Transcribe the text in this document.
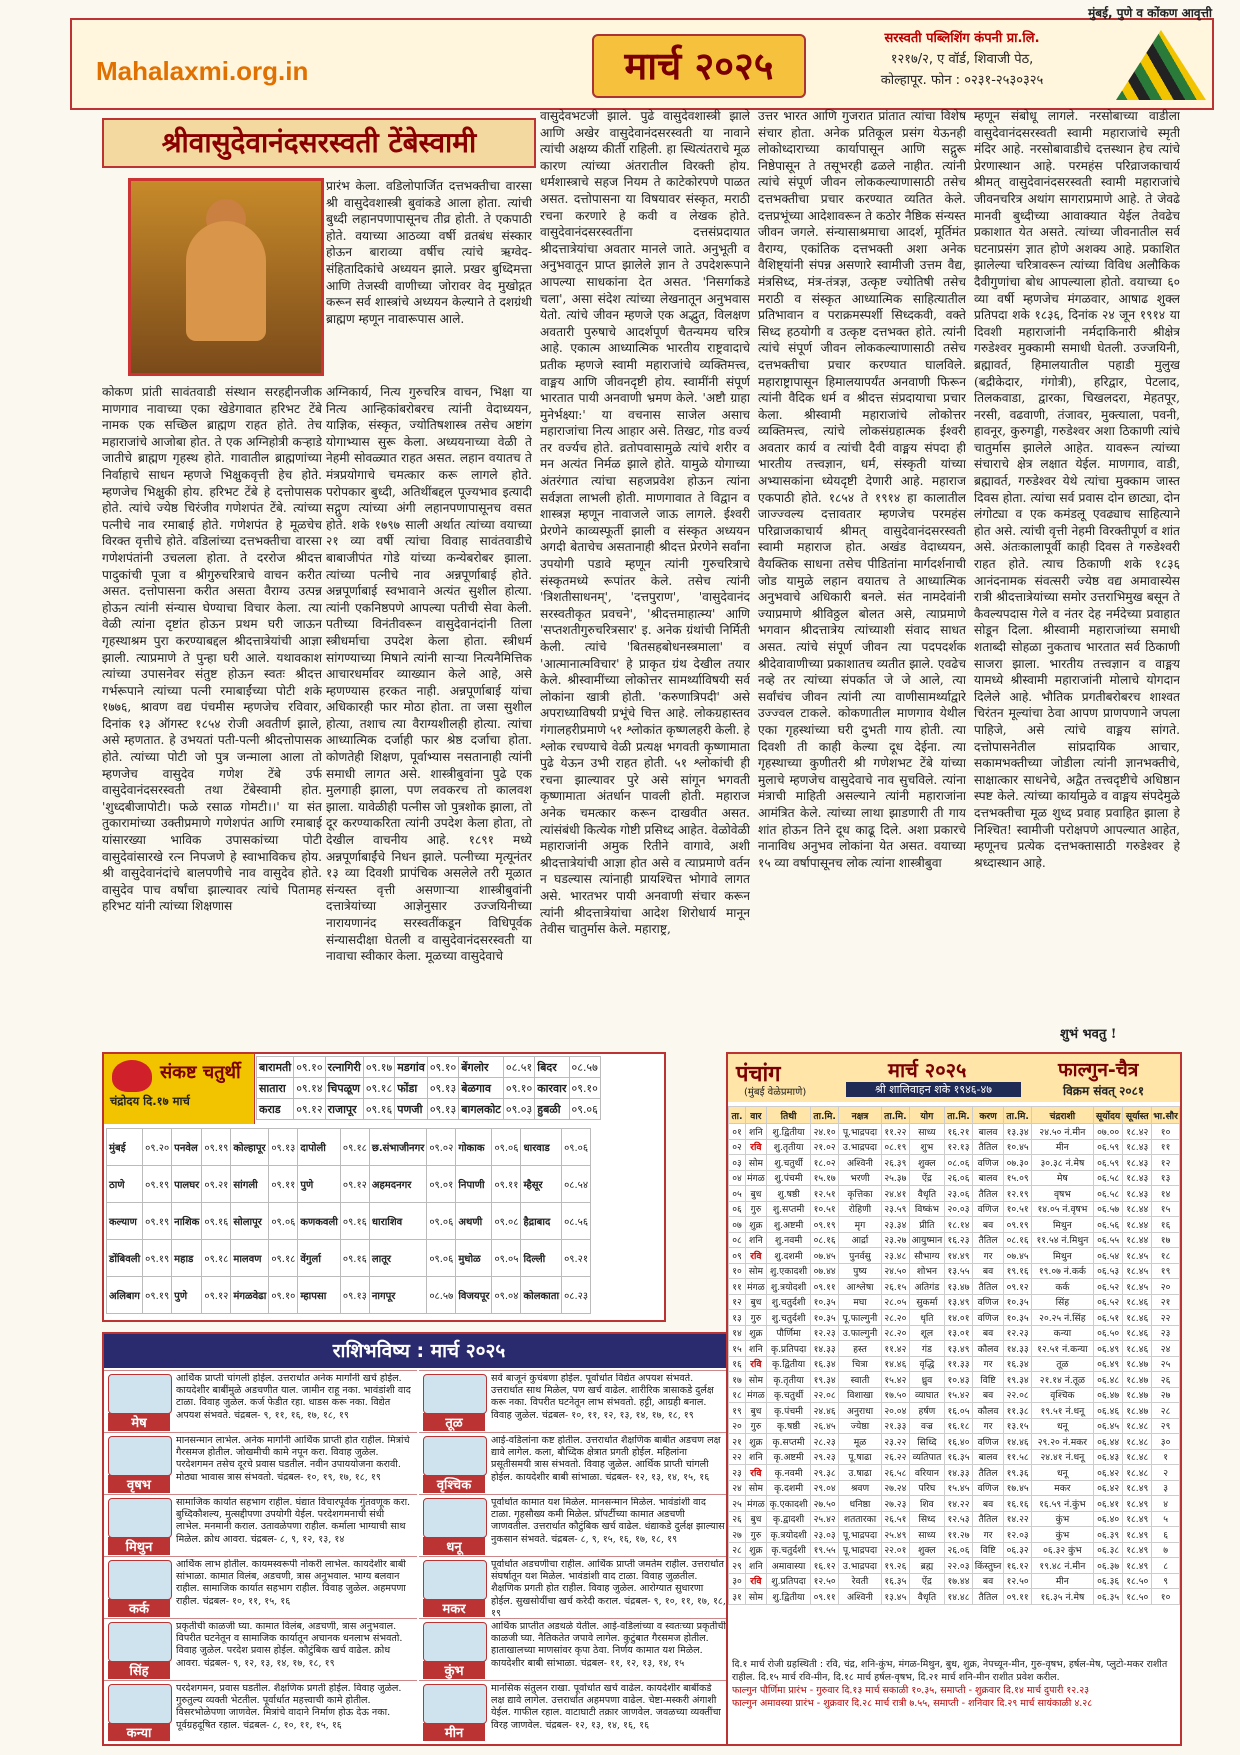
मुंबई, पुणे व कोंकण आवृत्ती
Mahalaxmi.org.in	मार्च २०२५
सरस्वती पब्लिशिंग कंपनी प्रा.लि.
१२१७/२, ए वॉर्ड, शिवाजी पेठ,
कोल्हापूर. फोन : ०२३१-२५३०३२५
श्रीवासुदेवानंदसरस्वती टेंबेस्वामी
प्रारंभ केला. वडिलोपार्जित दत्तभक्तीचा वारसा श्री वासुदेवशास्त्री बुवांकडे आला होता. त्यांची बुध्दी लहानपणापासूनच तीव्र होती. ते एकपाठी होते. वयाच्या आठव्या वर्षी व्रतबंध संस्कार होऊन बाराव्या वर्षीच त्यांचे ऋग्वेद-संहितादिकांचे अध्ययन झाले. प्रखर बुध्दिमत्ता आणि तेजस्वी वाणीच्या जोरावर वेद मुखोद्गत करून सर्व शास्त्रांचे अध्ययन केल्याने ते दशग्रंथी ब्राह्मण म्हणून नावारूपास आले.
कोकण प्रांती सावंतवाडी संस्थान सरहद्दीनजीक माणगाव नावाच्या एका खेडेगावात हरिभट टेंबे नामक एक सच्छिल ब्राह्मण राहत होते. तेच महाराजांचे आजोबा होत. ते एक अग्निहोत्री कऱ्हाडे जातीचे ब्राह्मण गृहस्थ होते. गावातील ब्राह्मणांच्या निर्वाहाचे साधन म्हणजे भिक्षुकवृत्ती हेच होते. म्हणजेच भिक्षुकी होय. हरिभट टेंबे हे दत्तोपासक होते. त्यांचे ज्येष्ठ चिरंजीव गणेशपंत टेंबे. त्यांच्या पत्नीचे नाव रमाबाई होते. गणेशपंत हे मूळचेच विरक्त वृत्तीचे होते. वडिलांच्या दत्तभक्तीचा वारसा गणेशपंतांनी उचलला होता. ते दररोज श्रीदत्त पादुकांची पूजा व श्रीगुरुचरित्राचे वाचन करीत असत. दत्तोपासना करीत असता वैराग्य उत्पन्न होऊन त्यांनी संन्यास घेण्याचा विचार केला. त्या वेळी त्यांना दृष्टांत होऊन प्रथम घरी जाऊन गृहस्थाश्रम पुरा करण्याबद्दल श्रीदत्तात्रेयांची आज्ञा झाली. त्याप्रमाणे ते पुन्हा घरी आले. यथावकाश त्यांच्या उपासनेवर संतुष्ट होऊन स्वतः श्रीदत्त गर्भरूपाने त्यांच्या पत्नी रमाबाईंच्या पोटी शके १७७६, श्रावण वद्य पंचमीस म्हणजेच रविवार, दिनांक १३ ऑगस्ट १८५४ रोजी अवतीर्ण झाले, असे म्हणतात. हे उभयतां पती-पत्नी श्रीदत्तोपासक होते. त्यांच्या पोटी जो पुत्र जन्माला आला तो म्हणजेच वासुदेव गणेश टेंबे उर्फ वासुदेवानंदसरस्वती तथा टेंबेस्वामी होत. 'शुध्दबीजापोटी। फळे रसाळ गोमटी।।' या संत तुकारामांच्या उक्तीप्रमाणे गणेशपंत आणि रमाबाई यांसारख्या भाविक उपासकांच्या पोटी वासुदेवांसारखे रत्न निपजणे हे स्वाभाविकच होय. श्री वासुदेवानंदांचे बालपणीचे नाव वासुदेव होते. वासुदेव पाच वर्षांचा झाल्यावर त्यांचे पितामह हरिभट यांनी त्यांच्या शिक्षणास
अग्निकार्य, नित्य गुरुचरित्र वाचन, भिक्षा या नित्य आन्हिकांबरोबरच त्यांनी वेदाध्ययन, याज्ञिक, संस्कृत, ज्योतिषशास्त्र तसेच अष्टांग योगाभ्यास सुरू केला. अध्ययनाच्या वेळी ते नेहमी सोवळ्यात राहत असत. लहान वयातच ते मंत्रप्रयोगाचे चमत्कार करू लागले होते. परोपकार बुध्दी, अतिथींबद्दल पूज्यभाव इत्यादी सद्गुण त्यांच्या अंगी लहानपणापासूनच वसत होते. शके १७९७ साली अर्थात त्यांच्या वयाच्या २१ व्या वर्षी त्यांचा विवाह सावंतवाडीचे बाबाजीपंत गोडे यांच्या कन्येबरोबर झाला. त्यांच्या पत्नीचे नाव अन्नपूर्णाबाई होते. अन्नपूर्णाबाई स्वभावाने अत्यंत सुशील होत्या. त्यांनी एकनिष्ठपणे आपल्या पतीची सेवा केली. पतीच्या विनंतीवरून वासुदेवानंदांनी तिला स्त्रीधर्माचा उपदेश केला होता. स्त्रीधर्म सांगण्याच्या मिषाने त्यांनी साऱ्या नित्यनैमित्तिक आचारधर्मावर व्याख्यान केले आहे, असे म्हणण्यास हरकत नाही. अन्नपूर्णाबाई यांचा अधिकारही फार मोठा होता. ता जसा सुशील होत्या, तशाच त्या वैराग्यशीलही होत्या. त्यांचा आध्यात्मिक दर्जाही फार श्रेष्ठ दर्जाचा होता. कोणतेही शिक्षण, पूर्वाभ्यास नसतानाही त्यांनी समाधी लागत असे. शास्त्रीबुवांना पुढे एक मुलगाही झाला, पण लवकरच तो कालवश झाला. यावेळीही पत्नीस जो पुत्रशोक झाला, तो दूर करण्याकरिता त्यांनी उपदेश केला होता, तो देखील वाचनीय आहे. १८९१ मध्ये अन्नपूर्णाबाईंचे निधन झाले. पत्नीच्या मृत्यूनंतर १३ व्या दिवशी प्रापंचिक असलेले तरी मूळात संन्यस्त वृत्ती असणाऱ्या शास्त्रीबुवांनी दत्तात्रेयांच्या आज्ञेनुसार उज्जयिनीच्या नारायणानंद सरस्वतींकडून विधिपूर्वक संन्यासदीक्षा घेतली व वासुदेवानंदसरस्वती या नावाचा स्वीकार केला. मूळच्या वासुदेवाचे
वासुदेवभटजी झाले. पुढे वासुदेवशास्त्री झाले आणि अखेर वासुदेवानंदसरस्वती या नावाने त्यांची अक्षय्य कीर्ती राहिली. हा स्थित्यंतराचे मूळ कारण त्यांच्या अंतरातील विरक्ती होय. धर्मशास्त्राचे सहज नियम ते काटेकोरपणे पाळत असत. दत्तोपासना या विषयावर संस्कृत, मराठी रचना करणारे हे कवी व लेखक होते. वासुदेवानंदसरस्वतींना दत्तसंप्रदायात श्रीदत्तात्रेयांचा अवतार मानले जाते. अनुभूती व अनुभवातून प्राप्त झालेले ज्ञान ते उपदेशरूपाने आपल्या साधकांना देत असत. 'निसर्गाकडे चला', असा संदेश त्यांच्या लेखनातून अनुभवास येतो. त्यांचे जीवन म्हणजे एक अद्भुत, विलक्षण अवतारी पुरुषाचे आदर्शपूर्ण चैतन्यमय चरित्र आहे. एकात्म आध्यात्मिक भारतीय राष्ट्रवादाचे प्रतीक म्हणजे स्वामी महाराजांचे व्यक्तिमत्त्व, वाङ्मय आणि जीवनदृष्टी होय. स्वामींनी संपूर्ण भारतात पायी अनवाणी भ्रमण केले. 'अष्टौ ग्राहा मुनेर्भक्ष्या:' या वचनास साजेल असाच महाराजांचा नित्य आहार असे. तिखट, गोड वर्ज्य तर वर्ज्यच होते. व्रतोपवासामुळे त्यांचे शरीर व मन अत्यंत निर्मळ झाले होते. यामुळे योगाच्या अंतरंगात त्यांचा सहजप्रवेश होऊन त्यांना सर्वज्ञता लाभली होती. माणगावात ते विद्वान व शास्त्रज्ञ म्हणून नावाजले जाऊ लागले. ईश्वरी प्रेरणेने काव्यस्फूर्ती झाली व संस्कृत अध्ययन अगदी बेताचेच असतानाही श्रीदत्त प्रेरणेने सर्वांना उपयोगी पडावे म्हणून त्यांनी गुरुचरित्राचे संस्कृतमध्ये रूपांतर केले. तसेच त्यांनी 'त्रिशतीसाधनम्', 'दत्तपुराण', 'वासुदेवानंद सरस्वतीकृत प्रवचने', 'श्रीदत्तमाहात्म्य' आणि 'सप्तशतीगुरुचरित्रसार' इ. अनेक ग्रंथांची निर्मिती केली. त्यांचे 'बितसहबोधनस्त्रमाला' व 'आत्मानात्मविचार' हे प्राकृत ग्रंथ देखील तयार केले. श्रीस्वामींच्या लोकोत्तर सामर्थ्याविषयी सर्व लोकांना खात्री होती. 'करुणात्रिपदी' असे अपराध्याविषयी प्रभूंचे चित्त आहे. लोकग्रहास्तव गंगालहरीप्रमाणे ५१ श्लोकांत कृष्णलहरी केली. हे श्लोक रचण्याचे वेळी प्रत्यक्ष भगवती कृष्णामाता पुढे येऊन उभी राहत होती. ५१ श्लोकांची ही रचना झाल्यावर पुरे असे सांगून भगवती कृष्णामाता अंतर्धान पावली होती. महाराज अनेक चमत्कार करून दाखवीत असत. त्यांसंबंधी कित्येक गोष्टी प्रसिध्द आहेत. वेळोवेळी महाराजांनी अमुक रितीने वागावे, अशी श्रीदत्तात्रेयांची आज्ञा होत असे व त्याप्रमाणे वर्तन न घडल्यास त्यांनाही प्रायश्चित्त भोगावे लागत असे. भारतभर पायी अनवाणी संचार करून त्यांनी श्रीदत्तात्रेयांचा आदेश शिरोधार्य मानून तेवीस चातुर्मास केले. महाराष्ट्र,
उत्तर भारत आणि गुजरात प्रांतात त्यांचा विशेष संचार होता. अनेक प्रतिकूल प्रसंग येऊनही लोकोध्दाराच्या कार्यापासून आणि सद्गुरू निष्ठेपासून ते तसूभरही ढळले नाहीत. त्यांनी त्यांचे संपूर्ण जीवन लोककल्याणासाठी तसेच दत्तभक्तीचा प्रचार करण्यात व्यतित केले. दत्तप्रभूंच्या आदेशावरून ते कठोर नैष्ठिक संन्यस्त जीवन जगले. संन्यासाश्रमाचा आदर्श, मूर्तिमंत वैराग्य, एकांतिक दत्तभक्ती अशा अनेक वैशिष्ट्यांनी संपन्न असणारे स्वामीजी उत्तम वैद्य, मंत्रसिध्द, मंत्र-तंत्रज्ञ, उत्कृष्ट ज्योतिषी तसेच मराठी व संस्कृत आध्यात्मिक साहित्यातील प्रतिभावान व पराक्रमस्पर्शी सिध्दकवी, वक्ते सिध्द हठयोगी व उत्कृष्ट दत्तभक्त होते. त्यांनी त्यांचे संपूर्ण जीवन लोककल्याणासाठी तसेच दत्तभक्तीचा प्रचार करण्यात घालविले. महाराष्ट्रापासून हिमालयापर्यंत अनवाणी फिरून त्यांनी वैदिक धर्म व श्रीदत्त संप्रदायाचा प्रचार केला. श्रीस्वामी महाराजांचे लोकोत्तर व्यक्तिमत्त्व, त्यांचे लोकसंग्रहात्मक ईश्वरी अवतार कार्य व त्यांची दैवी वाङ्मय संपदा ही भारतीय तत्त्वज्ञान, धर्म, संस्कृती यांच्या अभ्यासकांना ध्येयदृष्टी देणारी आहे. महाराज एकपाठी होते. १८५४ ते १९१४ हा कालातील जाज्ज्वल्य दत्तावतार म्हणजेच परमहंस परिव्राजकाचार्य श्रीमत् वासुदेवानंदसरस्वती स्वामी महाराज होत. अखंड वेदाध्ययन, वैयक्तिक साधना तसेच पीडितांना मार्गदर्शनाची जोड यामुळे लहान वयातच ते आध्यात्मिक अनुभवाचे अधिकारी बनले. संत नामदेवांनी ज्याप्रमाणे श्रीविठ्ठल बोलत असे, त्याप्रमाणे भगवान श्रीदत्तात्रेय त्यांच्याशी संवाद साधत असत. त्यांचे संपूर्ण जीवन त्या पदपदर्शक श्रीदेवावाणीच्या प्रकाशातच व्यतीत झाले. एवढेच नव्हे तर त्यांच्या संपर्कात जे जे आले, त्या सर्वांचंच जीवन त्यांनी त्या वाणीसामर्थ्याद्वारे उज्ज्वल टाकले. कोकणातील माणगाव येथील एका गृहस्थांच्या घरी दुभती गाय होती. त्या दिवशी ती काही केल्या दूध देईना. त्या गृहस्थाच्या कुणीतरी श्री गणेशभट टेंबे यांच्या मुलाचे म्हणजेच वासुदेवाचे नाव सुचविले. त्यांना मंत्राची माहिती असल्याने त्यांनी महाराजांना आमंत्रित केले. त्यांच्या लाथा झाडणारी ती गाय शांत होऊन तिने दूध काढू दिले. अशा प्रकारचे नानाविध अनुभव लोकांना येत असत. वयाच्या १५ व्या वर्षापासूनच लोक त्यांना शास्त्रीबुवा
म्हणून संबोधू लागले. नरसोबाच्या वाडीला वासुदेवानंदसरस्वती स्वामी महाराजांचे स्मृती मंदिर आहे. नरसोबावाडीचे दत्तस्थान हेच त्यांचे प्रेरणास्थान आहे. परमहंस परिव्राजकाचार्य श्रीमत् वासुदेवानंदसरस्वती स्वामी महाराजांचे जीवनचरित्र अथांग सागराप्रमाणे आहे. ते जेवढे मानवी बुध्दीच्या आवाक्यात येईल तेवढेच प्रकाशात येत असते. त्यांच्या जीवनातील सर्व घटनाप्रसंग ज्ञात होणे अशक्य आहे. प्रकाशित झालेल्या चरित्रावरून त्यांच्या विविध अलौकिक दैवीगुणांचा बोध आपल्याला होतो. वयाच्या ६० व्या वर्षी म्हणजेच मंगळवार, आषाढ शुक्ल प्रतिपदा शके १८३६, दिनांक २४ जून १९१४ या दिवशी महाराजांनी नर्मदाकिनारी श्रीक्षेत्र गरुडेश्वर मुक्कामी समाधी घेतली. उज्जयिनी, ब्रह्मावर्त, हिमालयातील पहाडी मुलुख (बद्रीकेदार, गंगोत्री), हरिद्वार, पेटलाद, तिलकवाडा, द्वारका, चिखलदरा, मेहतपूर, नरसी, वढवाणी, तंजावर, मुक्त्याला, पवनी, हावनूर, कुरुगड्डी, गरुडेश्वर अशा ठिकाणी त्यांचे चातुर्मास झालेले आहेत. यावरून त्यांच्या संचाराचे क्षेत्र लक्षात येईल. माणगाव, वाडी, ब्रह्मावर्त, गरुडेश्वर येथे त्यांचा मुक्काम जास्त दिवस होता. त्यांचा सर्व प्रवास दोन छाट्या, दोन लंगोट्या व एक कमंडलू एवढ्याच साहित्याने होत असे. त्यांची वृत्ती नेहमी विरक्तीपूर्ण व शांत असे. अंतःकालापूर्वी काही दिवस ते गरुडेश्वरी राहत होते. त्याच ठिकाणी शके १८३६ आनंदनामक संवत्सरी ज्येष्ठ वद्य अमावास्येस रात्री श्रीदत्तात्रेयांच्या समोर उत्तराभिमुख बसून ते कैवल्यपदास गेले व नंतर देह नर्मदेच्या प्रवाहात सोडून दिला. श्रीस्वामी महाराजांच्या समाधी शताब्दी सोहळा नुकताच भारतात सर्व ठिकाणी साजरा झाला. भारतीय तत्त्वज्ञान व वाङ्मय यामध्ये श्रीस्वामी महाराजांनी मोलाचे योगदान दिलेले आहे. भौतिक प्रगतीबरोबरच शाश्वत चिरंतन मूल्यांचा ठेवा आपण प्राणपणाने जपला पाहिजे, असे त्यांचे वाङ्मय सांगते. दत्तोपासनेतील सांप्रदायिक आचार, सकामभक्तीच्या जोडीला त्यांनी ज्ञानभक्तीचे, साक्षात्कार साधनेचे, अद्वैत तत्त्वदृष्टीचे अधिष्ठान स्पष्ट केले. त्यांच्या कार्यामुळे व वाङ्मय संपदेमुळे दत्तभक्तीचा मूळ शुध्द प्रवाह प्रवाहित झाला हे निश्चित! स्वामीजी परोक्षपणे आपल्यात आहेत, म्हणूनच प्रत्येक दत्तभक्तासाठी गरुडेश्वर हे श्रध्दास्थान आहे.
शुभं भवतु !
संकष्ट चतुर्थी
चंद्रोदय दि.१७ मार्च
बारामती	०९.१०	रत्नागिरी	०९.१७	मडगांव	०९.१०	बेंगलोर	०८.५१	बिदर	०८.५७
सातारा	०९.१४	चिपळूण	०९.१८	फोंडा	०९.१३	बेळगाव	०९.१०	कारवार	०९.१०
कराड	०९.१२	राजापूर	०९.१६	पणजी	०९.१३	बागलकोट	०९.०३	हुबळी	०९.०६
मुंबई	०९.२०	पनवेल	०९.१९	कोल्हापूर	०९.१३	दापोली	०९.१८	छ.संभाजीनगर	०९.०२	गोकाक	०९.०६	धारवाड	०९.०६
ठाणे	०९.१९	पालघर	०९.२१	सांगली	०९.११	पुणे	०९.१२	अहमदनगर	०९.०१	निपाणी	०९.११	म्हैसूर	०८.५४
कल्याण	०९.१९	नाशिक	०९.१६	सोलापूर	०९.०६	कणकवली	०९.१६	धाराशिव	०९.०६	अथणी	०९.०८	हैद्राबाद	०८.५६
डोंबिवली	०९.१९	महाड	०९.१८	मालवण	०९.१८	वेंगुर्ला	०९.१६	लातूर	०९.०६	मुधोळ	०९.०५	दिल्ली	०९.२१
अलिबाग	०९.१९	पुणे	०९.१२	मंगळवेढा	०९.१०	म्हापसा	०९.१३	नागपूर	०८.५७	विजयपूर	०९.०४	कोलकाता	०८.२३
राशिभविष्य : मार्च २०२५
मेष
आर्थिक प्राप्ती चांगली होईल. उत्तरार्धात अनेक मार्गांनी खर्च होईल. कायदेशीर बाबींमुळे अडचणीत याल. जामीन राहू नका. भावंडांशी वाद टाळा. विवाह जुळेल. कर्ज फेडीत रहा. धाडस करू नका. विद्येत अपयश संभवते. चंद्रबल- ९, ११, १६, १७, १८, १९
वृषभ
मानसन्मान लाभेल. अनेक मार्गांनी आर्थिक प्राप्ती होत राहील. मित्रांचे गैरसमज होतील. जोखमीची कामे नपून करा. विवाह जुळेल. परदेशगमन तसेच दूरचे प्रवास घडतील. नवीन उपाययोजना करावी. मोठ्या भावास त्रास संभवतो. चंद्रबल- १०, १९, १७, १८, १९
मिथुन
सामाजिक कार्यात सहभाग राहील. घंद्यात विचारपूर्वक गुंतवणूक करा. बुध्दिकौशल्य, मुत्सद्दीपणा उपयोगी येईल. परदेशगमनाची संधी लाभेल. मनमानी कराल. उतावळेपणा राहील. कर्माला भाग्याची साथ मिळेल. क्रोध आवरा. चंद्रबल- ८, ९, १२, १३, १४
कर्क
आर्थिक लाभ होतील. कायमस्वरूपी नोकरी लाभेल. कायदेशीर बाबी सांभाळा. कामात विलंब, अडचणी, त्रास अनुभवाल. भाग्य बलवान राहील. सामाजिक कार्यात सहभाग राहील. विवाह जुळेल. अहमपणा राहील. चंद्रबल- १०, ११, १५, १६
सिंह
प्रकृतीची काळजी घ्या. कामात विलंब, अडचणी, त्रास अनुभवाल. विपरीत घटनेतून व सामाजिक कार्यातून अचानक धनलाभ संभवतो. विवाह जुळेल. परदेश प्रवास होईल. कौटुंबिक खर्च वाढेल. क्रोध आवरा. चंद्रबल- ९, १२, १३, १४, १७, १८, १९
कन्या
परदेशगमन, प्रवास घडतील. शैक्षणिक प्रगती होईल. विवाह जुळेल. गुरुतुल्य व्यक्ती भेटतील. पूर्वार्धात महत्त्वाची कामे होतील. विसरभोळेपणा जाणवेल. मित्रांचे वादाने निर्माण होऊ देऊ नका. पूर्वग्रहदूषित रहाल. चंद्रबल- ८, १०, ११, १५, १६
तूळ
सर्व बाजूनं कुचंबणा होईल. पूर्वार्धात विद्येत अपयश संभवते. उत्तरार्धात साथ मिळेल, पण खर्च वाढेल. शारीरिक त्रासाकडे दुर्लक्ष करू नका. विपरीत घटनेतून लाभ संभवतो. हट्टी, आग्रही बनाल. विवाह जुळेल. चंद्रबल- १०, ११, १२, १३, १४, १७, १८, १९
वृश्चिक
आई-वडिलांना कष्ट होतील. उत्तरार्धात शैक्षणिक बाबीत अडचण लक्ष द्यावे लागेल. कला, बौध्दिक क्षेत्रात प्रगती होईल. महिलांना प्रसूतीसमयी त्रास संभवतो. विवाह जुळेल. आर्थिक प्राप्ती चांगली होईल. कायदेशीर बाबी सांभाळा. चंद्रबल- १२, १३, १४, १५, १६
धनू
पूर्वार्धात कामात यश मिळेल. मानसन्मान मिळेल. भावंडांशी वाद टाळा. गृहसौख्य कमी मिळेल. प्रॉपर्टीच्या कामात अडचणी जाणवतील. उत्तरार्धात कौटुंबिक खर्च वाढेल. धंद्याकडे दुर्लक्ष झाल्यास नुकसान संभवते. चंद्रबल- ८, ९, १५, १६, १७, १८, १९
मकर
पूर्वार्धात अडचणीचा राहील. आर्थिक प्राप्ती जमतेम राहील. उत्तरार्धात संघर्षातून यश मिळेल. भावंडांशी वाद टाळा. विवाह जुळतील. शैक्षणिक प्रगती होत राहील. विवाह जुळेल. आरोग्यात सुधारणा होईल. सुखसोयींचा खर्च करेदी कराल. चंद्रबल- ९, १०, ११, १७, १८, १९
कुंभ
आर्थिक प्राप्तीत अडथळे येतील. आई-वडिलांच्या व स्वतःच्या प्रकृतीची काळजी घ्या. नैतिकतेत जपावे लागेल. कुटुंबात गैरसमज होतील. हाताखालच्या माणसांवर कृपा ठेवा. निर्णय कामात यश मिळेल. कायदेशीर बाबी सांभाळा. चंद्रबल- ११, १२, १३, १४, १५
मीन
मानसिक संतुलन राखा. पूर्वार्धात खर्च वाढेल. कायदेशीर बाबींकडे लक्ष द्यावे लागेल. उत्तरार्धात अहमपणा वाढेल. चेष्टा-मस्करी अंगाशी येईल. गाफील रहाल. वाटाघाटी तक्रार जाणवेल. जवळच्या व्यक्तींचा विरह जाणवेल. चंद्रबल- १२, १३, १४, १६, १६
पंचांग
(मुंबई वेळेप्रमाणे)
मार्च २०२५
श्री शालिवाहन शके १९४६-४७
फाल्गुन-चैत्र
विक्रम संवत् २०८१
ता.	वार	तिथी	ता.मि.	नक्षत्र	ता.मि.	योग	ता.मि.	करण	ता.मि.	चंद्रराशी	सूर्योदय	सूर्यास्त	भा.सौर
०१	शनि	शु.द्वितीया	२४.१०	पू.भाद्रपदा	११.२२	साध्य	१६.२१	बालव	१३.३४	२४.५० नं.मीन	०७.००	१८.४२	१०
०२	रवि	शु.तृतीया	२१.०२	उ.भाद्रपदा	०८.१९	शुभ	१२.१३	तैतिल	१०.४५	मीन	०६.५९	१८.४३	११
०३	सोम	शु.चतुर्थी	१८.०२	अश्विनी	२६.३९	शुक्ल	०८.०६	वणिज	०७.३०	३०.३८ नं.मेष	०६.५९	१८.४३	१२
०४	मंगळ	शु.पंचमी	१५.१७	भरणी	२५.३७	ऐंद्र	२६.०६	बालव	१५.०९	मेष	०६.५८	१८.४३	१३
०५	बुध	शु.षष्ठी	१२.५१	कृत्तिका	२४.४१	वैधृति	२३.०६	तैतिल	१२.१९	वृषभ	०६.५८	१८.४३	१४
०६	गुरु	शु.सप्तमी	१०.५१	रोहिणी	२३.५९	विष्कंभ	२०.०३	वणिज	१०.५१	१४.०५ नं.वृषभ	०६.५७	१८.४४	१५
०७	शुक्र	शु.अष्टमी	०९.१९	मृग	२३.३४	प्रीति	१८.१४	बव	०९.१९	मिथुन	०६.५६	१८.४४	१६
०८	शनि	शु.नवमी	०८.१६	आर्द्रा	२३.२७	आयुष्मान	१६.२३	तैतिल	०८.१६	११.५४ नं.मिथुन	०६.५५	१८.४४	१७
०९	रवि	शु.दशमी	०७.४५	पुनर्वसु	२३.४८	सौभाग्य	१४.४९	गर	०७.४५	मिथुन	०६.५४	१८.४५	१८
१०	सोम	शु.एकादशी	०७.४४	पुष्य	२४.५०	शोभन	१३.५५	बव	१९.१६	१९.०७ नं.कर्क	०६.५३	१८.४५	१९
११	मंगळ	शु.त्रयोदशी	०९.११	आश्लेषा	२६.१५	अतिगंड	१३.४७	तैतिल	०९.१२	कर्क	०६.५२	१८.४५	२०
१२	बुध	शु.चतुर्दशी	१०.३५	मघा	२८.०५	सुकर्मा	१३.४९	वणिज	१०.३५	सिंह	०६.५२	१८.४६	२१
१३	गुरु	शु.चतुर्दशी	१०.३५	पू.फाल्गुनी	२८.२०	धृति	१४.०१	वणिज	१०.३५	२०.२५ नं.सिंह	०६.५१	१८.४६	२२
१४	शुक्र	पौर्णिमा	१२.२३	उ.फाल्गुनी	२८.२०	शूल	१३.०१	बव	१२.२३	कन्या	०६.५०	१८.४६	२३
१५	शनि	कृ.प्रतिपदा	१४.३३	हस्त	११.४२	गंड	१३.४९	कौलव	१४.३३	१२.५१ नं.कन्या	०६.४९	१८.४६	२४
१६	रवि	कृ.द्वितीया	१६.३४	चित्रा	१४.४६	वृद्धि	११.३३	गर	१६.३४	तूळ	०६.४९	१८.४७	२५
१७	सोम	कृ.तृतीया	१९.३४	स्वाती	१५.४२	ध्रुव	१०.४३	विष्टि	१९.३४	२१.१४ नं.तूळ	०६.४८	१८.४७	२६
१८	मंगळ	कृ.चतुर्थी	२२.०८	विशाखा	१७.५०	व्याघात	१५.४२	बव	२२.०८	वृश्चिक	०६.४७	१८.४७	२७
१९	बुध	कृ.पंचमी	२४.४६	अनुराधा	२०.०४	हर्षण	१६.०५	कौलव	११.३८	१९.५१ नं.धनू	०६.४६	१८.४७	२८
२०	गुरु	कृ.षष्ठी	२६.४५	ज्येष्ठा	२१.३३	वज्र	१६.१८	गर	१३.१५	धनू	०६.४५	१८.४८	२९
२१	शुक्र	कृ.सप्तमी	२८.२३	मूळ	२३.२२	सिध्दि	१६.४०	वणिज	१४.४६	२९.२० नं.मकर	०६.४४	१८.४८	३०
२२	शनि	कृ.अष्टमी	२९.२३	पू.षाढा	२६.२२	व्यतिपात	१६.३५	बालव	११.५८	२४.४१ नं.धनू	०६.४३	१८.४८	१
२३	रवि	कृ.नवमी	२९.३८	उ.षाढा	२६.५८	वरियान	१४.३३	तैतिल	१९.३६	धनू	०६.४२	१८.४८	२
२४	सोम	कृ.दशमी	२९.०४	श्रवण	२७.२४	परिघ	१५.४५	वणिज	१७.४५	मकर	०६.४२	१८.४९	३
२५	मंगळ	कृ.एकादशी	२७.५०	धनिष्ठा	२७.२३	शिव	१४.२२	बव	१६.१६	१६.५९ नं.कुंभ	०६.४१	१८.४९	४
२६	बुध	कृ.द्वादशी	२५.४२	शततारका	२६.५१	सिध्द	१२.५३	तैतिल	१४.२२	कुंभ	०६.४०	१८.४९	५
२७	गुरु	कृ.त्रयोदशी	२३.०३	पू.भाद्रपदा	२५.४९	साध्य	११.२७	गर	१२.०३	कुंभ	०६.३९	१८.४९	६
२८	शुक्र	कृ.चतुर्दशी	१९.५५	पू.भाद्रपदा	२२.०१	शुक्ल	२६.०६	विष्टि	०६.३२	०६.३२ कुंभ	०६.३८	१८.४९	७
२९	शनि	अमावास्या	१६.१२	उ.भाद्रपदा	१९.२६	ब्रह्म	२२.०३	किंस्तुघ्न	१६.१२	१९.४८ नं.मीन	०६.३७	१८.४९	८
३०	रवि	शु.प्रतिपदा	१२.५०	रेवती	१६.३५	ऐंद्र	१७.४४	बव	१२.५०	मीन	०६.३६	१८.५०	९
३१	सोम	शु.द्वितीया	०९.११	अश्विनी	१३.४५	वैधृति	१४.४८	तैतिल	०९.११	१६.३५ नं.मेष	०६.३५	१८.५०	१०
दि.१ मार्च रोजी ग्रहस्थिती : रवि, चंद्र, शनि-कुंभ, मंगळ-मिथुन, बुध, शुक्र, नेपच्यून-मीन, गुरु-वृषभ, हर्षल-मेष, प्लुटो-मकर राशीत राहील. दि.१५ मार्च रवि-मीन, दि.१८ मार्च हर्षल-वृषभ, दि.२१ मार्च शनि-मीन राशीत प्रवेश करील.
फाल्गुन पौर्णिमा प्रारंभ - गुरुवार दि.१३ मार्च सकाळी १०.३५, समाप्ती - शुक्रवार दि.१४ मार्च दुपारी १२.२३
फाल्गुन अमावस्या प्रारंभ - शुक्रवार दि.२८ मार्च रात्री ७.५५, समाप्ती - शनिवार दि.२९ मार्च सायंकाळी ४.२८
